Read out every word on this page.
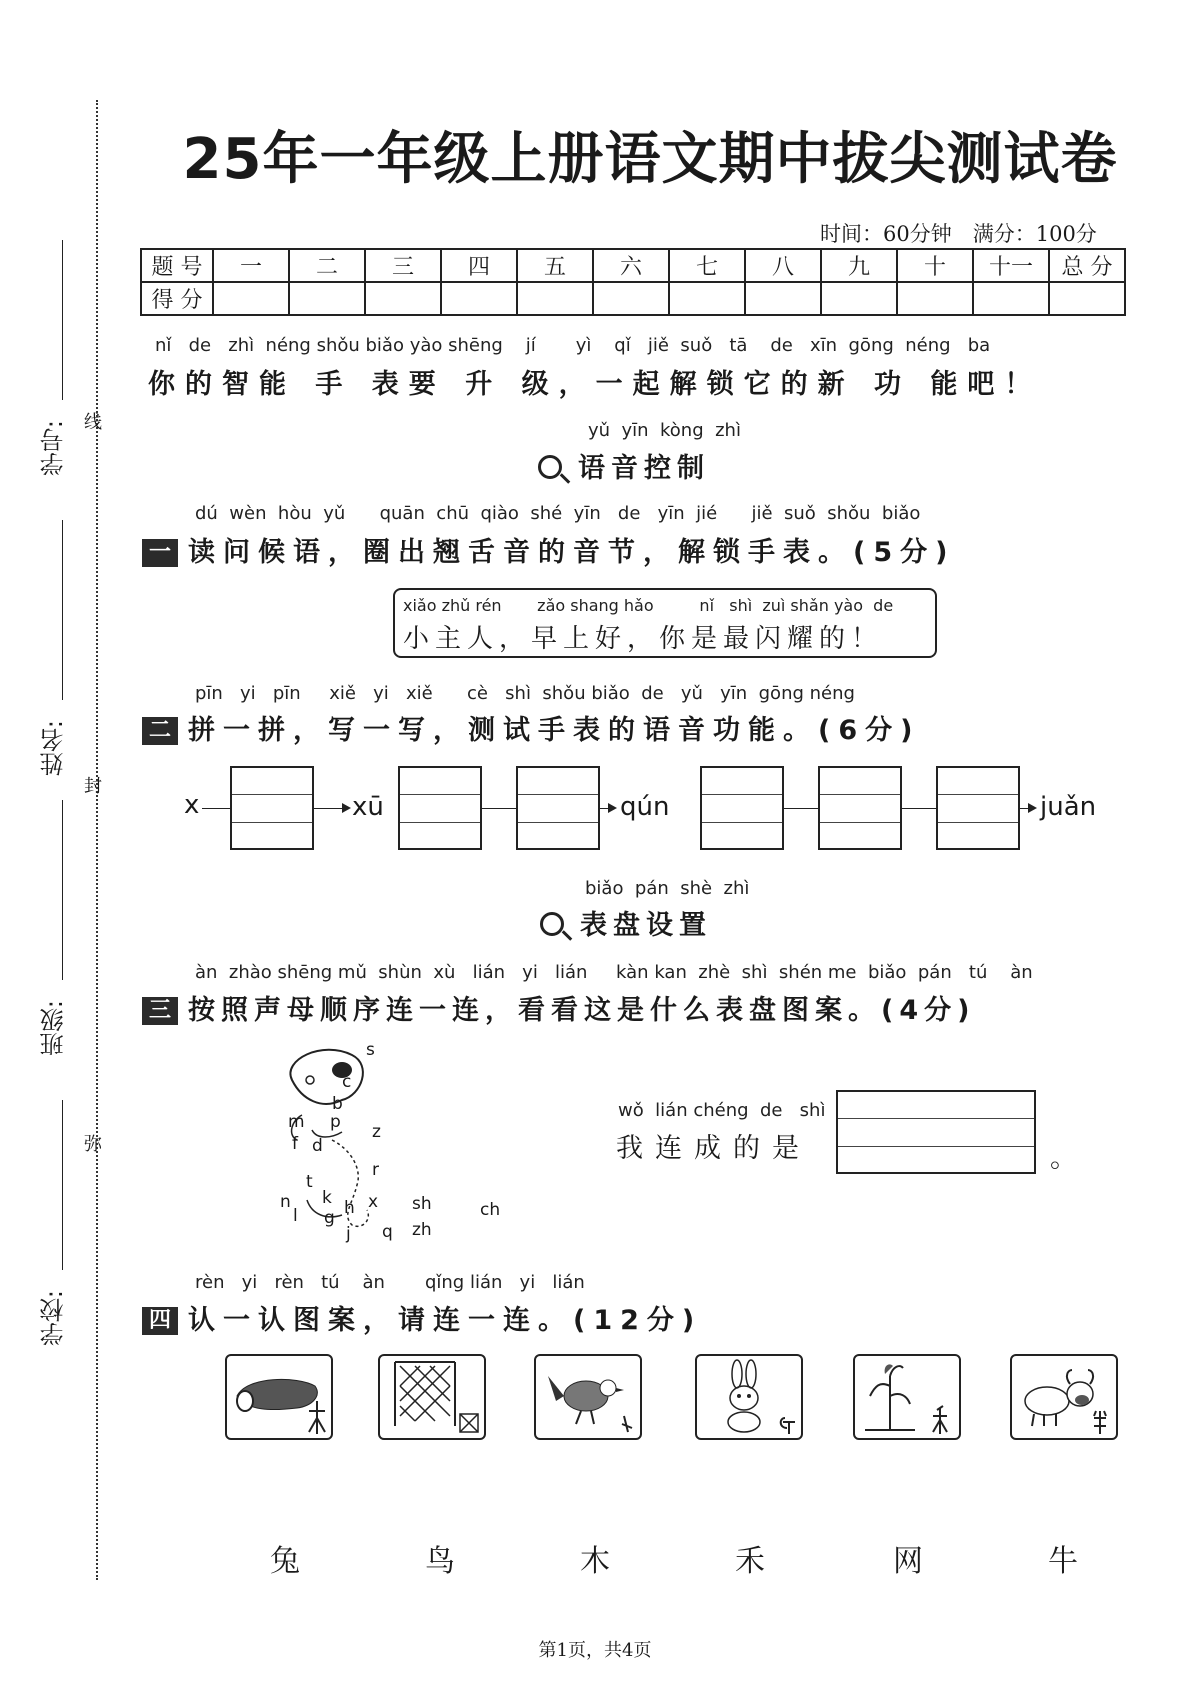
线
封
弥
学号:
姓名:
班级:
学校:
25年一年级上册语文期中拔尖测试卷
时间：60分钟　满分：100分
题 号	一	二	三	四	五	六	七	八	九	十	十一	总 分
得 分												
nǐ   de   zhì  néng shǒu biǎo yào shēng    jí       yì    qǐ   jiě  suǒ   tā    de   xīn  gōng  néng   ba
你的智能 手 表要 升 级，一起解锁它的新 功 能吧！
yǔ  yīn  kòng  zhì
语音控制
dú  wèn  hòu  yǔ      quān  chū  qiào  shé  yīn   de   yīn  jié      jiě  suǒ  shǒu  biǎo
一 读问候语，圈出翘舌音的音节，解锁手表。(5分)
xiǎo zhǔ rén       zǎo shang hǎo         nǐ   shì  zuì shǎn yào  de
小主人，早上好，你是最闪耀的！
pīn   yi   pīn     xiě   yi   xiě      cè   shì  shǒu biǎo  de   yǔ   yīn  gōng néng
二 拼一拼，写一写，测试手表的语音功能。(6分)
x	xū	qún	juǎn
biǎo  pán  shè  zhì
表盘设置
àn  zhào shēng mǔ  shùn  xù   lián   yi   lián     kàn kan  zhè  shì  shén me  biǎo  pán   tú    àn
三 按照声母顺序连一连，看看这是什么表盘图案。(4分)
s
c
b
p
m
f d
z
r
t
n
l
k
g h x
j q
sh
zh
ch
wǒ  lián chéng  de   shì
我连成的是	。
rèn   yi   rèn   tú    àn       qǐng lián   yi   lián
四 认一认图案，请连一连。(12分)
兔	鸟	木	禾	网	牛
第1页，共4页
